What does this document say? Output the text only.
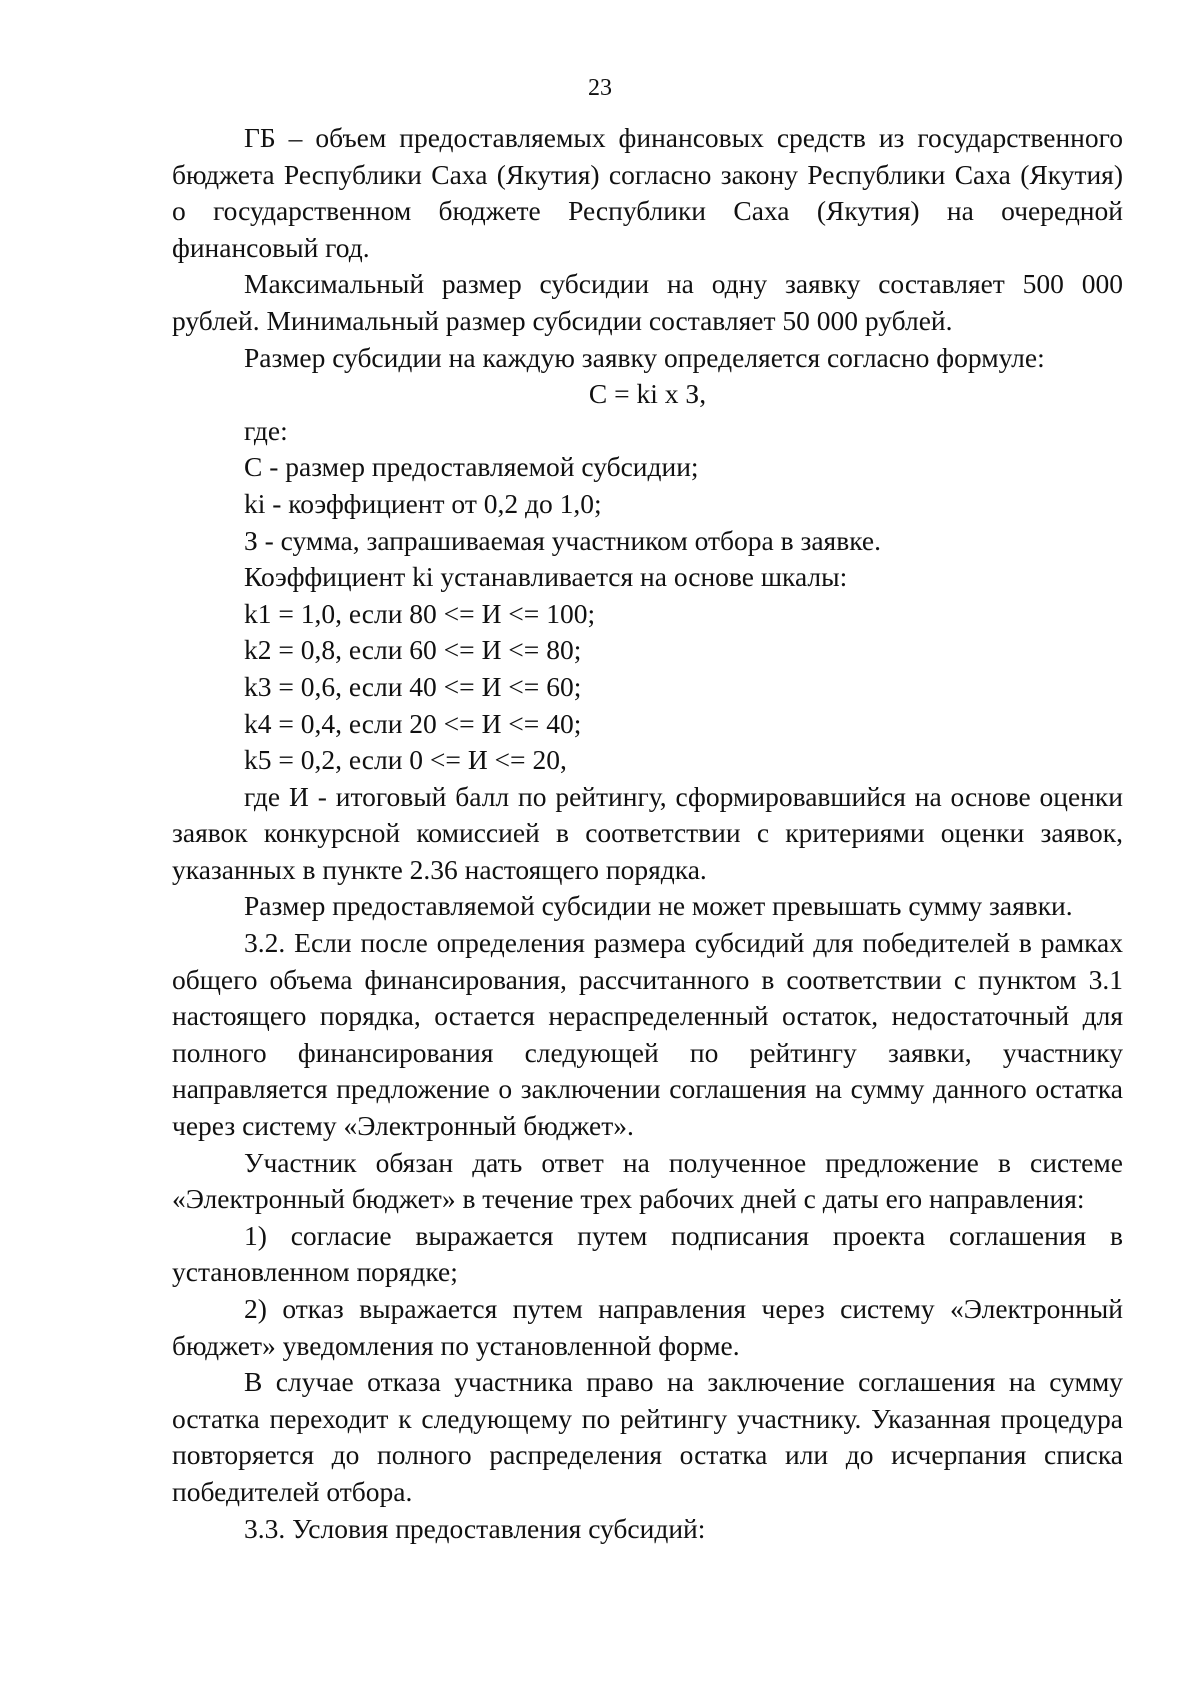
23

ГБ – объем предоставляемых финансовых средств из государственного бюджета Республики Саха (Якутия) согласно закону Республики Саха (Якутия) о государственном бюджете Республики Саха (Якутия) на очередной финансовый год.

Максимальный размер субсидии на одну заявку составляет 500 000 рублей. Минимальный размер субсидии составляет 50 000 рублей.

Размер субсидии на каждую заявку определяется согласно формуле:

C = ki x З,

где:

C - размер предоставляемой субсидии;

ki - коэффициент от 0,2 до 1,0;

З - сумма, запрашиваемая участником отбора в заявке.

Коэффициент ki устанавливается на основе шкалы:

k1 = 1,0, если 80 <= И <= 100;

k2 = 0,8, если 60 <= И <= 80;

k3 = 0,6, если 40 <= И <= 60;

k4 = 0,4, если 20 <= И <= 40;

k5 = 0,2, если 0 <= И <= 20,

где И - итоговый балл по рейтингу, сформировавшийся на основе оценки заявок конкурсной комиссией в соответствии с критериями оценки заявок, указанных в пункте 2.36 настоящего порядка.

Размер предоставляемой субсидии не может превышать сумму заявки.

3.2. Если после определения размера субсидий для победителей в рамках общего объема финансирования, рассчитанного в соответствии с пунктом 3.1 настоящего порядка, остается нераспределенный остаток, недостаточный для полного финансирования следующей по рейтингу заявки, участнику направляется предложение о заключении соглашения на сумму данного остатка через систему «Электронный бюджет».

Участник обязан дать ответ на полученное предложение в системе «Электронный бюджет» в течение трех рабочих дней с даты его направления:

1) согласие выражается путем подписания проекта соглашения в установленном порядке;

2) отказ выражается путем направления через систему «Электронный бюджет» уведомления по установленной форме.

В случае отказа участника право на заключение соглашения на сумму остатка переходит к следующему по рейтингу участнику. Указанная процедура повторяется до полного распределения остатка или до исчерпания списка победителей отбора.

3.3. Условия предоставления субсидий:
